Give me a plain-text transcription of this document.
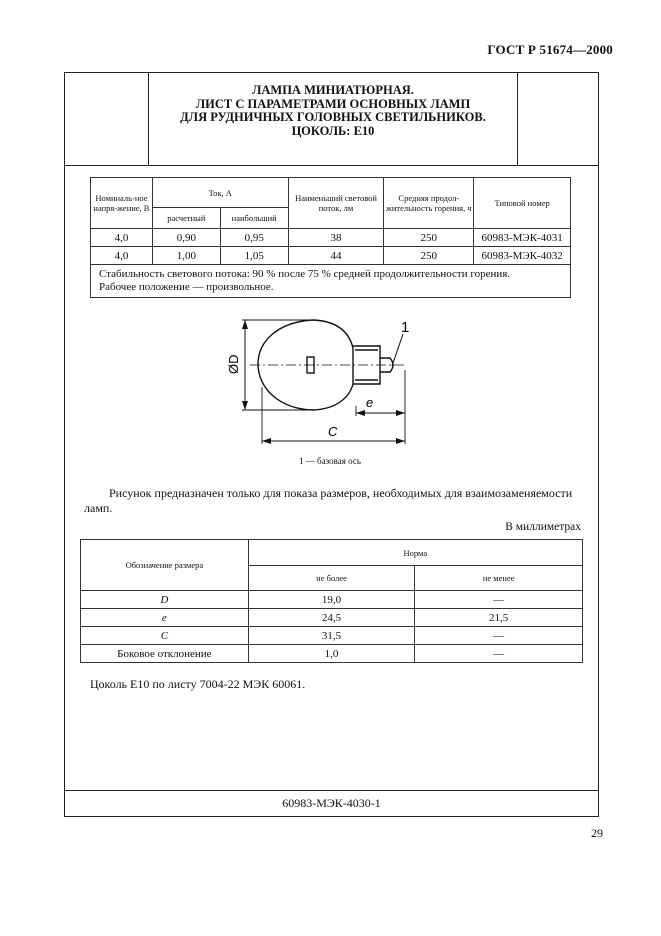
ГОСТ Р 51674—2000
ЛАМПА МИНИАТЮРНАЯ.
ЛИСТ С ПАРАМЕТРАМИ ОСНОВНЫХ ЛАМП
ДЛЯ РУДНИЧНЫХ ГОЛОВНЫХ СВЕТИЛЬНИКОВ.
ЦОКОЛЬ: Е10
Номиналь-ное напря-жение, В	Ток, А		Наименьший световой поток, лм	Средняя продол-жительность горения, ч	Типовой номер
	расчетный	наибольший			
4,0	0,90	0,95	38	250	60983-МЭК-4031
4,0	1,00	1,05	44	250	60983-МЭК-4032

Стабильность светового потока: 90 % после 75 % средней продолжительности горения.
Рабочее положение — произвольное.					
ØD
e
C
1
1 — базовая ось
Рисунок предназначен только для показа размеров, необходимых для взаимозаменяемости ламп.
В миллиметрах
Обозначение размера	Норма	
	не более	не менее
D	19,0	—
e	24,5	21,5
C	31,5	—
Боковое отклонение	1,0	—
Цоколь Е10 по листу 7004-22 МЭК 60061.
60983-МЭК-4030-1
29
